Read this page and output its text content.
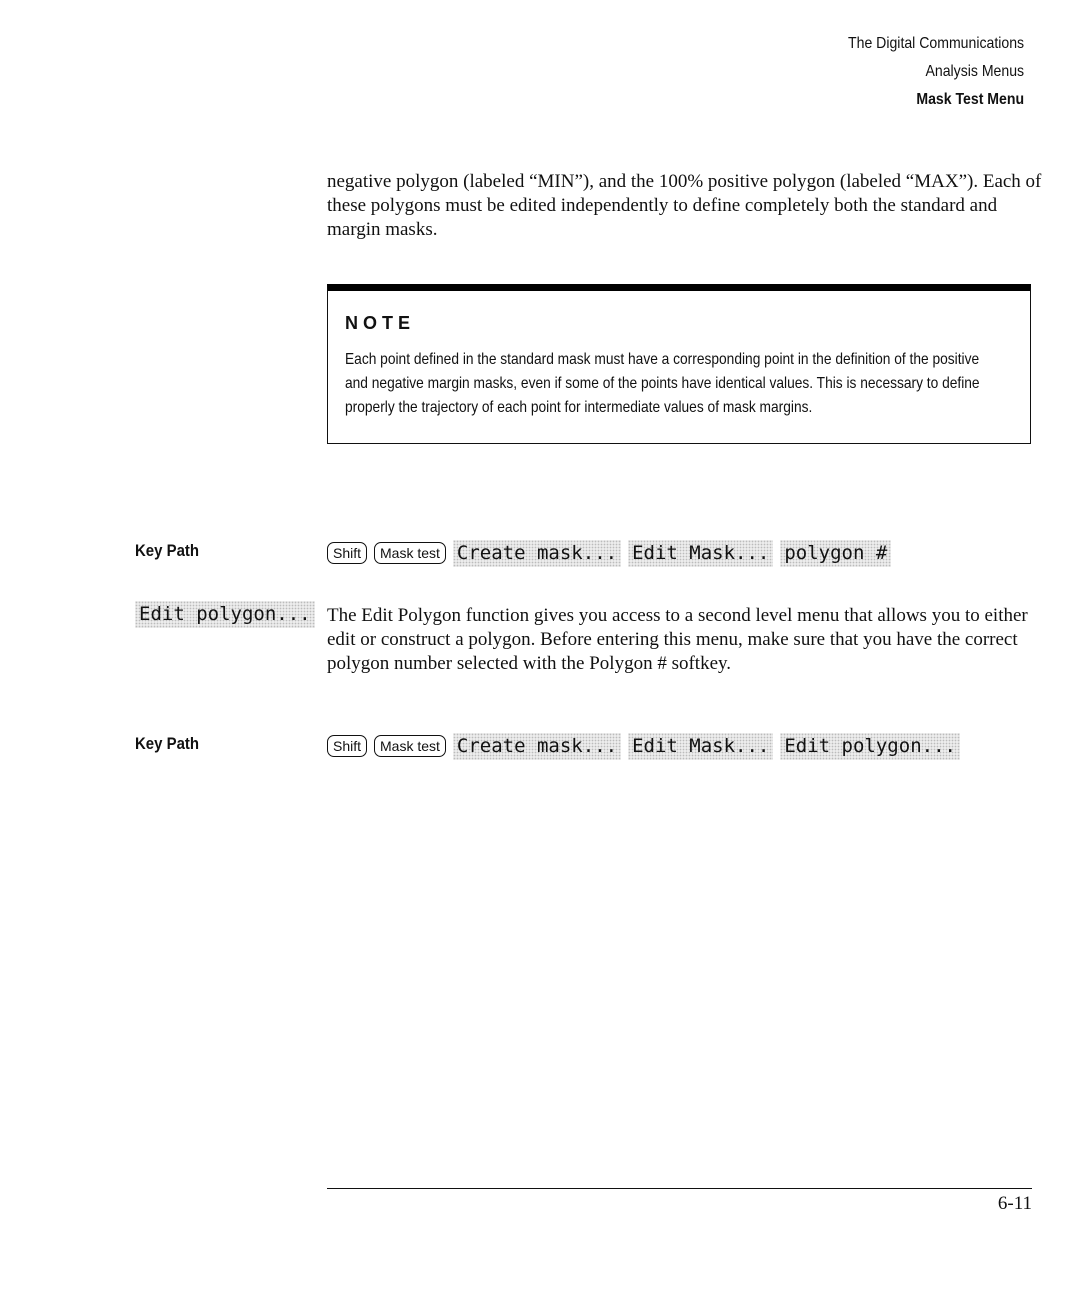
The Digital Communications
Analysis Menus
Mask Test Menu

negative polygon (labeled “MIN”), and the 100% positive polygon (labeled “MAX”). Each of these polygons must be edited independently to define completely both the standard and margin masks.

NOTE
Each point defined in the standard mask must have a corresponding point in the definition of the positive and negative margin masks, even if some of the points have identical values. This is necessary to define properly the trajectory of each point for intermediate values of mask margins.
Key Path	Shift	Mask test Create mask... Edit Mask... polygon #
Edit polygon... The Edit Polygon function gives you access to a second level menu that allows you to either edit or construct a polygon. Before entering this menu, make sure that you have the correct polygon number selected with the Polygon # softkey.

Key Path	Shift	Mask test Create mask... Edit Mask... Edit polygon...
6-11
